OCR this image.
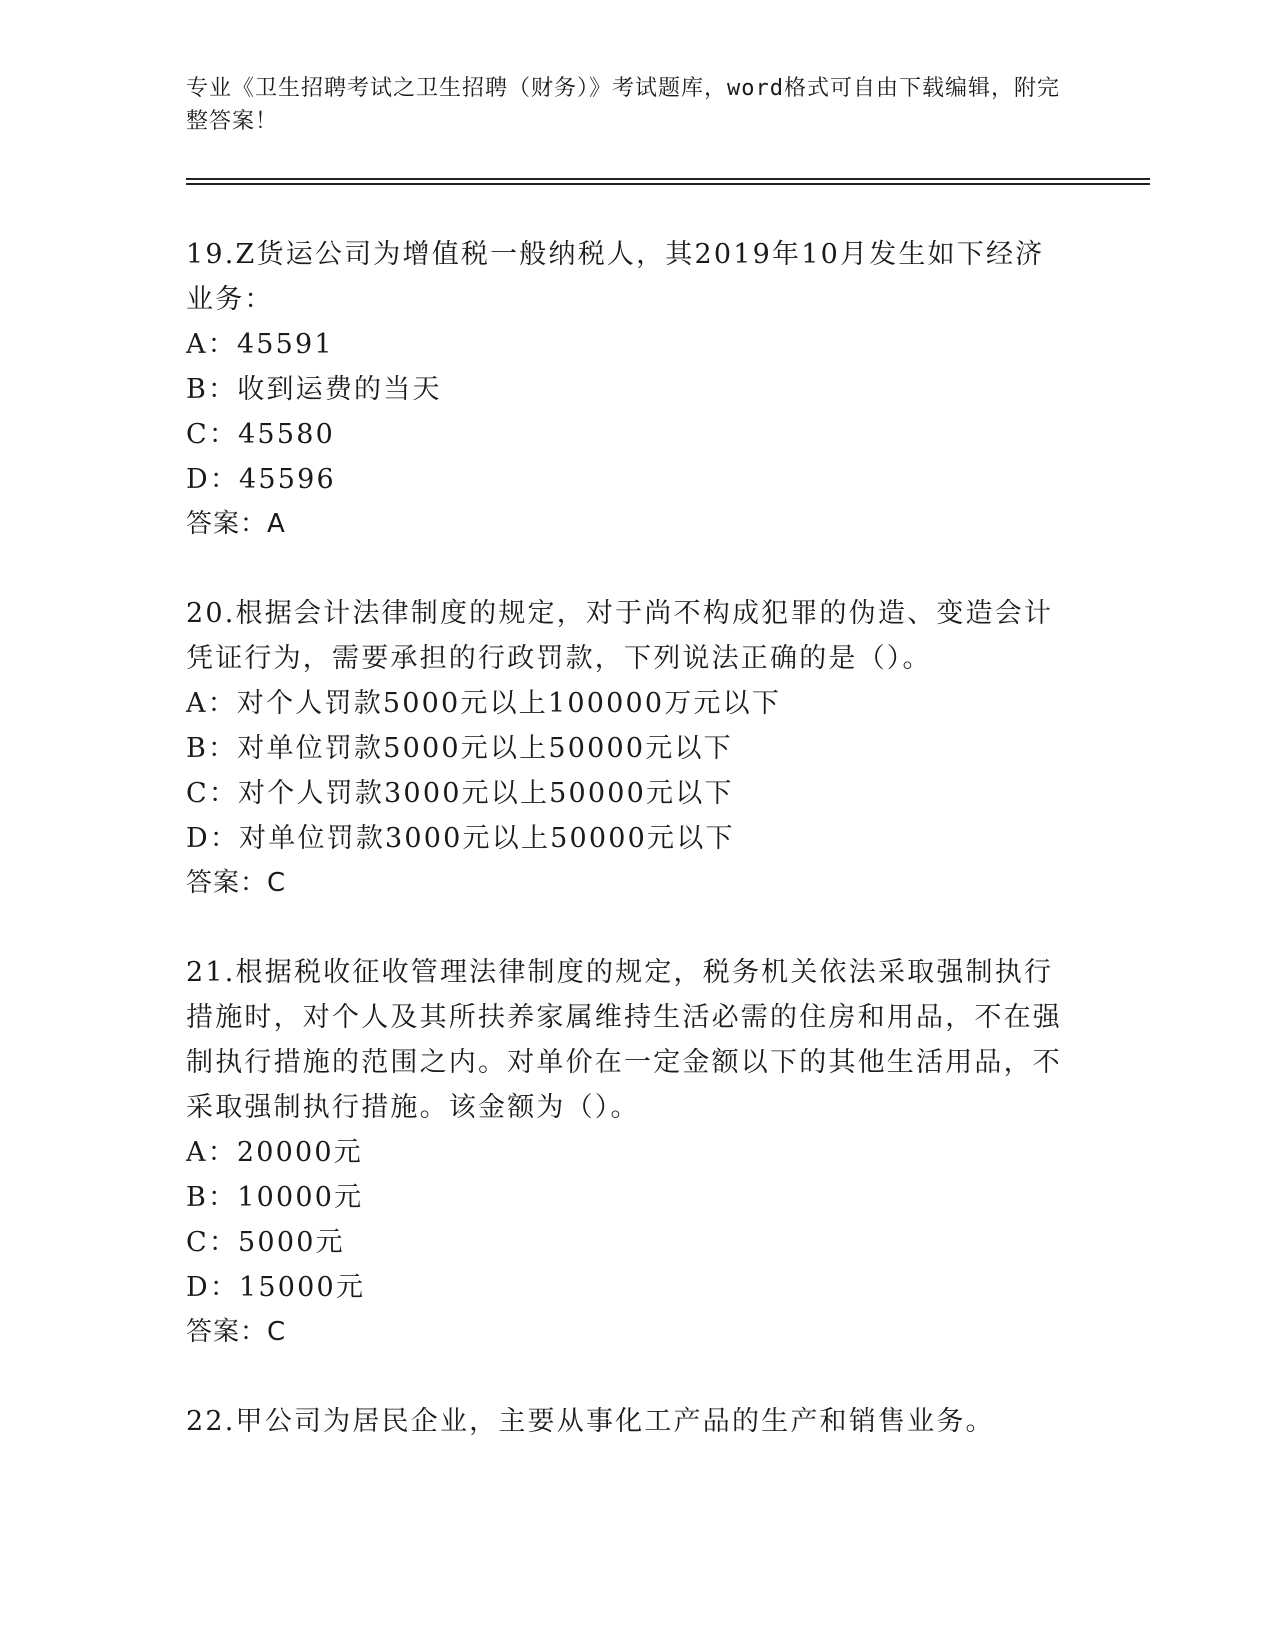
专业《卫生招聘考试之卫生招聘（财务）》考试题库，word格式可自由下载编辑，附完整答案！

19.Z货运公司为增值税一般纳税人，其2019年10月发生如下经济业务：

A：45591

B：收到运费的当天

C：45580

D：45596

答案：A

20.根据会计法律制度的规定，对于尚不构成犯罪的伪造、变造会计凭证行为，需要承担的行政罚款，下列说法正确的是（）。

A：对个人罚款5000元以上100000万元以下

B：对单位罚款5000元以上50000元以下

C：对个人罚款3000元以上50000元以下

D：对单位罚款3000元以上50000元以下

答案：C

21.根据税收征收管理法律制度的规定，税务机关依法采取强制执行措施时，对个人及其所扶养家属维持生活必需的住房和用品，不在强制执行措施的范围之内。对单价在一定金额以下的其他生活用品，不采取强制执行措施。该金额为（）。

A：20000元

B：10000元

C：5000元

D：15000元

答案：C

22.甲公司为居民企业，主要从事化工产品的生产和销售业务。
